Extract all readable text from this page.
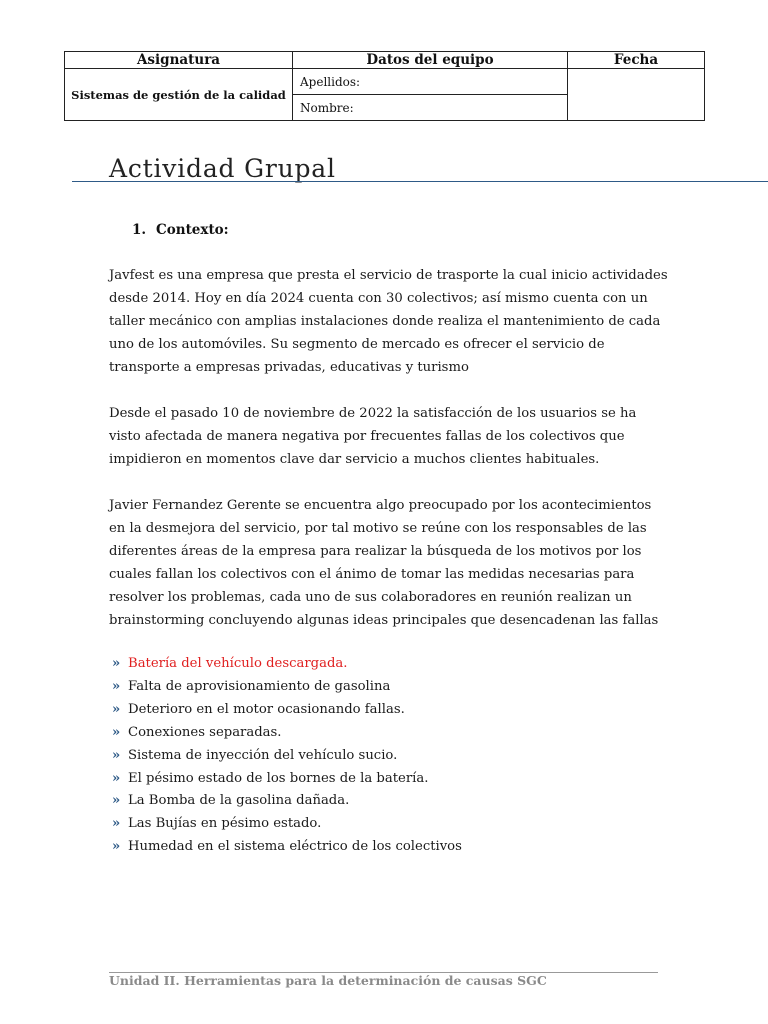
Asignatura	Datos del equipo	Fecha
Sistemas de gestión de la calidad	Apellidos:	
	Nombre:	
Actividad Grupal
1. Contexto:

Javfest es una empresa que presta el servicio de trasporte la cual inicio actividades desde 2014. Hoy en día 2024 cuenta con 30 colectivos; así mismo cuenta con un taller mecánico con amplias instalaciones donde realiza el mantenimiento de cada uno de los automóviles. Su segmento de mercado es ofrecer el servicio de transporte a empresas privadas, educativas y turismo

Desde el pasado 10 de noviembre de 2022 la satisfacción de los usuarios se ha visto afectada de manera negativa por frecuentes fallas de los colectivos que impidieron en momentos clave dar servicio a muchos clientes habituales.

Javier Fernandez Gerente se encuentra algo preocupado por los acontecimientos en la desmejora del servicio, por tal motivo se reúne con los responsables de las diferentes áreas de la empresa para realizar la búsqueda de los motivos por los cuales fallan los colectivos con el ánimo de tomar las medidas necesarias para resolver los problemas, cada uno de sus colaboradores en reunión realizan un brainstorming concluyendo algunas ideas principales que desencadenan las fallas

» Batería del vehículo descargada.
» Falta de aprovisionamiento de gasolina
» Deterioro en el motor ocasionando fallas.
» Conexiones separadas.
» Sistema de inyección del vehículo sucio.
» El pésimo estado de los bornes de la batería.
» La Bomba de la gasolina dañada.
» Las Bujías en pésimo estado.
» Humedad en el sistema eléctrico de los colectivos

Unidad II. Herramientas para la determinación de causas SGC
